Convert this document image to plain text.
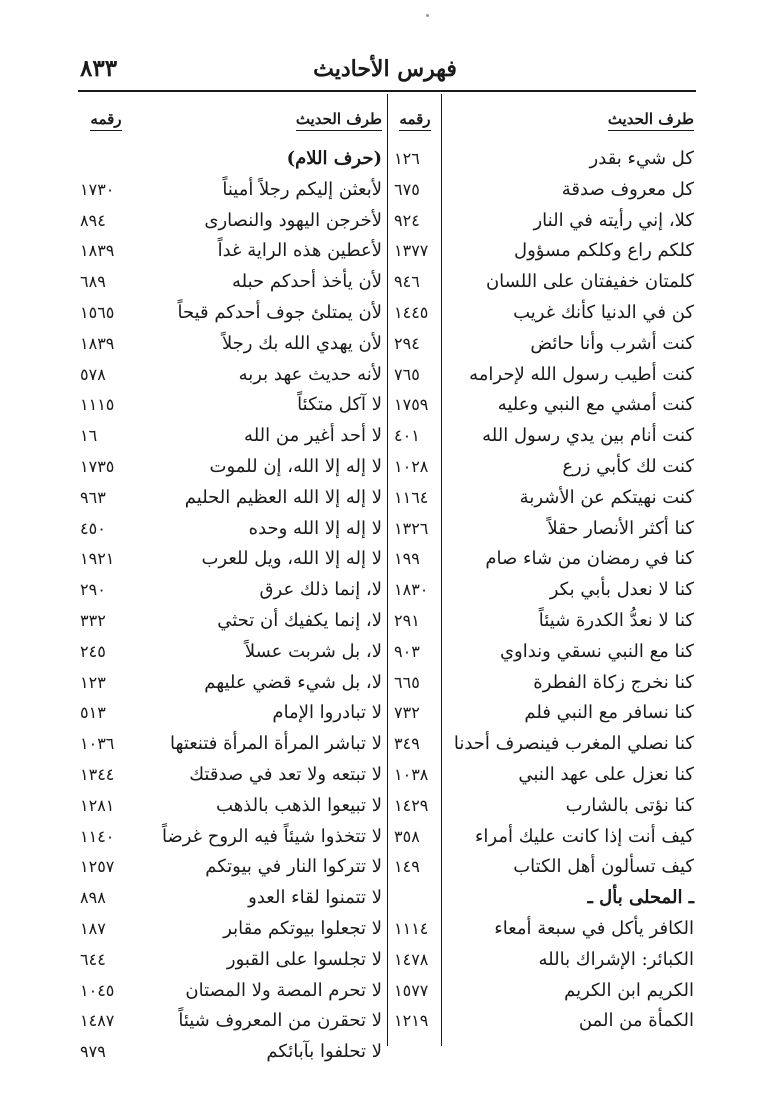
فهرس الأحاديث
٨٣٣
طرف الحديث
رقمه
طرف الحديث
رقمه
كل شيء بقدر
١٢٦
كل معروف صدقة
٦٧٥
كلا، إني رأيته في النار
٩٢٤
كلكم راع وكلكم مسؤول
١٣٧٧
كلمتان خفيفتان على اللسان
٩٤٦
كن في الدنيا كأنك غريب
١٤٤٥
كنت أشرب وأنا حائض
٢٩٤
كنت أطيب رسول الله لإحرامه
٧٦٥
كنت أمشي مع النبي وعليه
١٧٥٩
كنت أنام بين يدي رسول الله
٤٠١
كنت لك كأبي زرع
١٠٢٨
كنت نهيتكم عن الأشربة
١١٦٤
كنا أكثر الأنصار حقلاً
١٣٢٦
كنا في رمضان من شاء صام
١٩٩
كنا لا نعدل بأبي بكر
١٨٣٠
كنا لا نعدُّ الكدرة شيئاً
٢٩١
كنا مع النبي نسقي ونداوي
٩٠٣
كنا نخرج زكاة الفطرة
٦٦٥
كنا نسافر مع النبي فلم
٧٣٢
كنا نصلي المغرب فينصرف أحدنا
٣٤٩
كنا نعزل على عهد النبي
١٠٣٨
كنا نؤتى بالشارب
١٤٢٩
كيف أنت إذا كانت عليك أمراء
٣٥٨
كيف تسألون أهل الكتاب
١٤٩
ـ المحلى بأل ـ
الكافر يأكل في سبعة أمعاء
١١١٤
الكبائر: الإشراك بالله
١٤٧٨
الكريم ابن الكريم
١٥٧٧
الكمأة من المن
١٢١٩
(حرف اللام)
لأبعثن إليكم رجلاً أميناً
١٧٣٠
لأخرجن اليهود والنصارى
٨٩٤
لأعطين هذه الراية غداً
١٨٣٩
لأن يأخذ أحدكم حبله
٦٨٩
لأن يمتلئ جوف أحدكم قيحاً
١٥٦٥
لأن يهدي الله بك رجلاً
١٨٣٩
لأنه حديث عهد بربه
٥٧٨
لا آكل متكئاً
١١١٥
لا أحد أغير من الله
١٦
لا إله إلا الله، إن للموت
١٧٣٥
لا إله إلا الله العظيم الحليم
٩٦٣
لا إله إلا الله وحده
٤٥٠
لا إله إلا الله، ويل للعرب
١٩٢١
لا، إنما ذلك عرق
٢٩٠
لا، إنما يكفيك أن تحثي
٣٣٢
لا، بل شربت عسلاً
٢٤٥
لا، بل شيء قضي عليهم
١٢٣
لا تبادروا الإمام
٥١٣
لا تباشر المرأة المرأة فتنعتها
١٠٣٦
لا تبتعه ولا تعد في صدقتك
١٣٤٤
لا تبيعوا الذهب بالذهب
١٢٨١
لا تتخذوا شيئاً فيه الروح غرضاً
١١٤٠
لا تتركوا النار في بيوتكم
١٢٥٧
لا تتمنوا لقاء العدو
٨٩٨
لا تجعلوا بيوتكم مقابر
١٨٧
لا تجلسوا على القبور
٦٤٤
لا تحرم المصة ولا المصتان
١٠٤٥
لا تحقرن من المعروف شيئاً
١٤٨٧
لا تحلفوا بآبائكم
٩٧٩
